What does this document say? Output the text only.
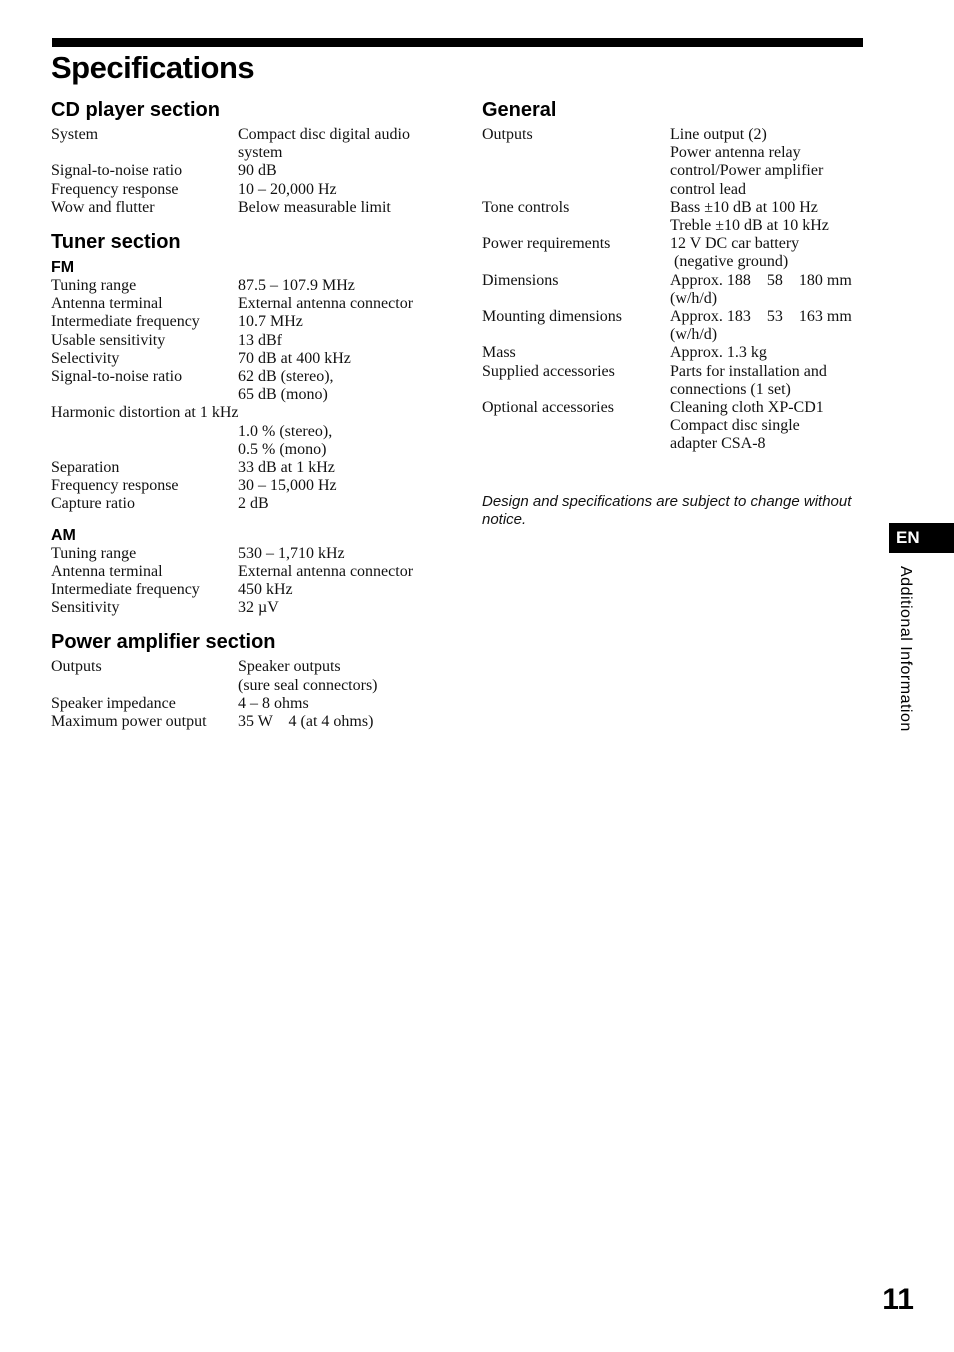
Specifications
CD player section
System	Compact disc digital audio
system
Signal-to-noise ratio	90 dB
Frequency response	10 – 20,000 Hz
Wow and flutter	Below measurable limit
Tuner section
FM
Tuning range	87.5 – 107.9 MHz
Antenna terminal	External antenna connector
Intermediate frequency	10.7 MHz
Usable sensitivity	13 dBf
Selectivity	70 dB at 400 kHz
Signal-to-noise ratio	62 dB (stereo),
65 dB (mono)
Harmonic distortion at 1 kHz
1.0 % (stereo),
0.5 % (mono)
Separation	33 dB at 1 kHz
Frequency response	30 – 15,000 Hz
Capture ratio	2 dB
AM
Tuning range	530 – 1,710 kHz
Antenna terminal	External antenna connector
Intermediate frequency	450 kHz
Sensitivity	32 µV
Power amplifier section
Outputs	Speaker outputs
(sure seal connectors)
Speaker impedance	4 – 8 ohms
Maximum power output	35 W    4 (at 4 ohms)
General
Outputs	Line output (2)
Power antenna relay
control/Power amplifier
control lead
Tone controls	Bass ±10 dB at 100 Hz
Treble ±10 dB at 10 kHz
Power requirements	12 V DC car battery
(negative ground)
Dimensions	Approx. 188    58    180 mm
(w/h/d)
Mounting dimensions	Approx. 183    53    163 mm
(w/h/d)
Mass	Approx. 1.3 kg
Supplied accessories	Parts for installation and
connections (1 set)
Optional accessories	Cleaning cloth XP-CD1
Compact disc single
adapter CSA-8
Design and specifications are subject to change without notice.
EN
Additional Information
11
